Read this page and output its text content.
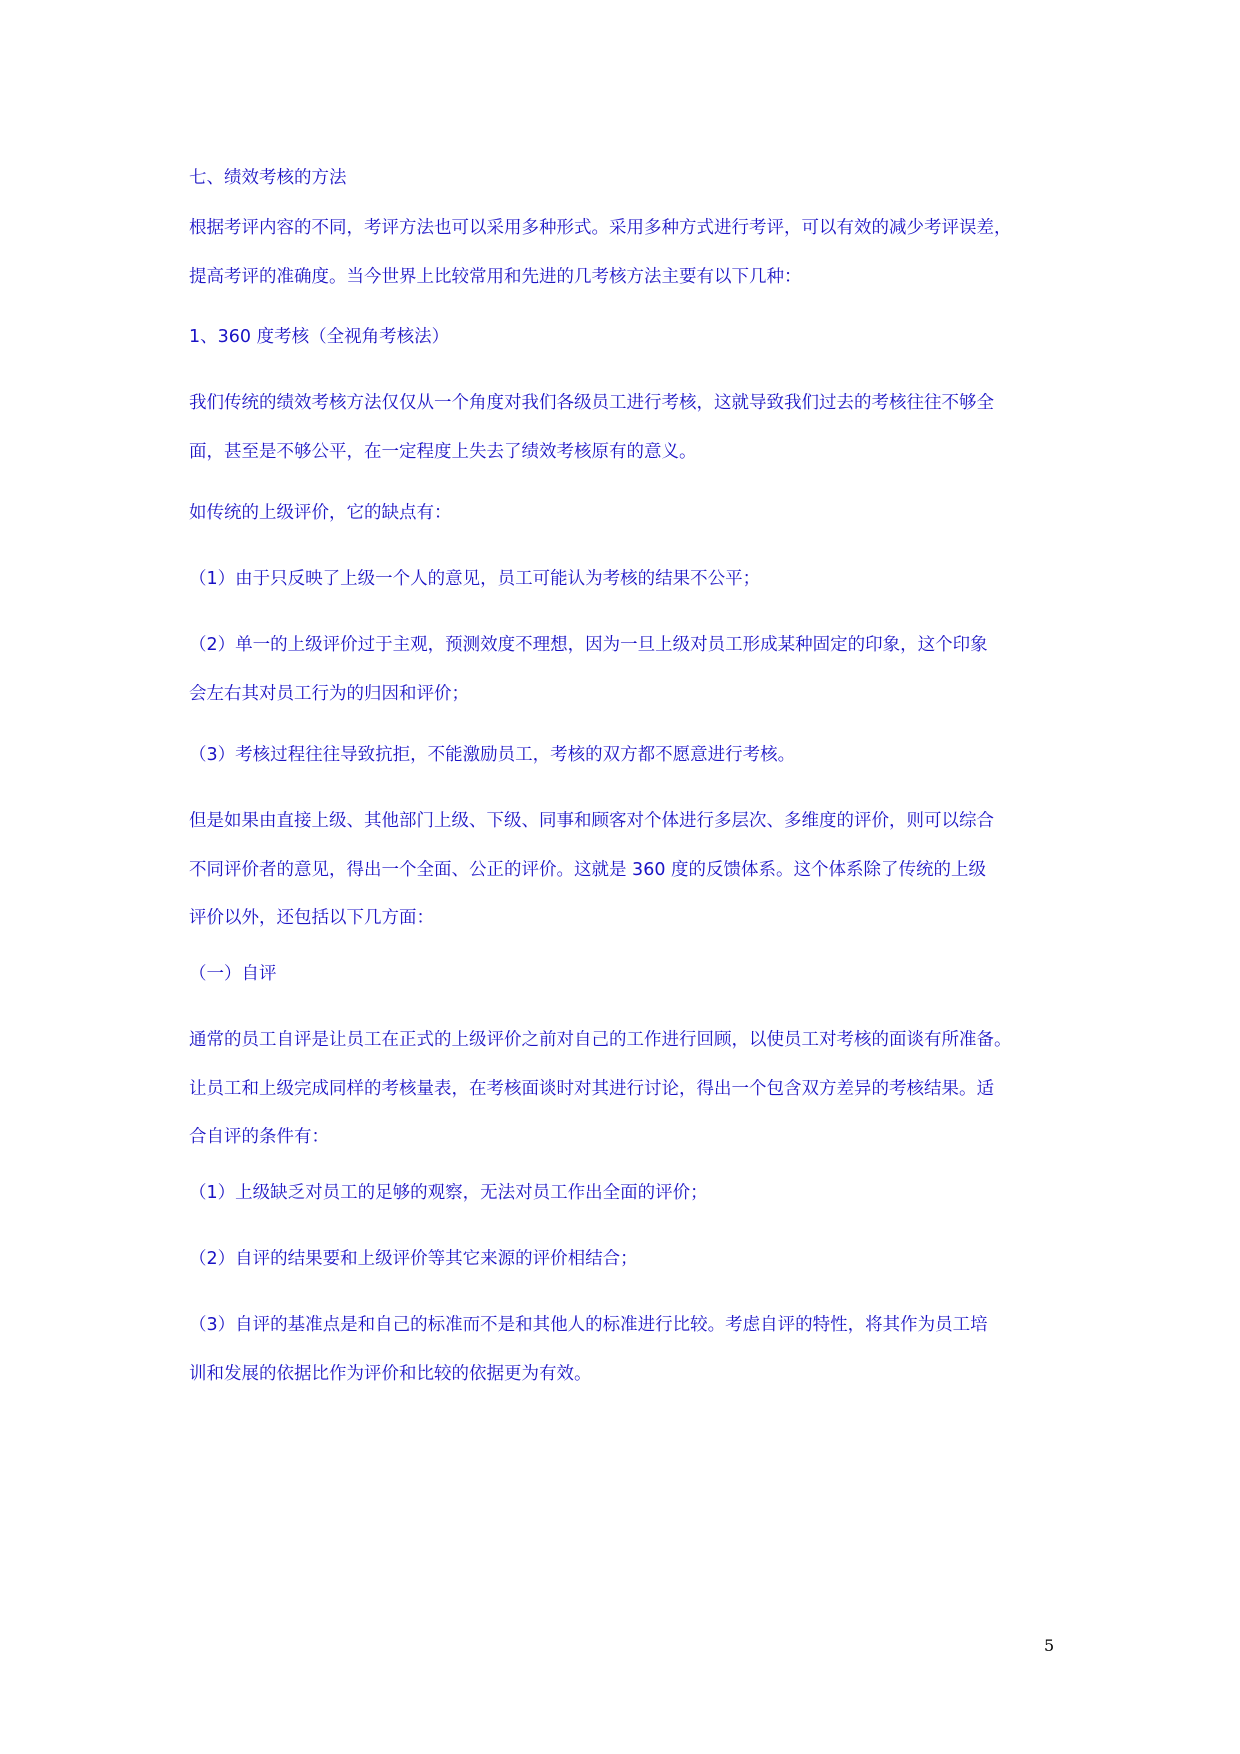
七、绩效考核的方法
根据考评内容的不同，考评方法也可以采用多种形式。采用多种方式进行考评，可以有效的减少考评误差，
提高考评的准确度。当今世界上比较常用和先进的几考核方法主要有以下几种：
1、360 度考核（全视角考核法）
我们传统的绩效考核方法仅仅从一个角度对我们各级员工进行考核，这就导致我们过去的考核往往不够全
面，甚至是不够公平，在一定程度上失去了绩效考核原有的意义。
如传统的上级评价，它的缺点有：
（1）由于只反映了上级一个人的意见，员工可能认为考核的结果不公平；
（2）单一的上级评价过于主观，预测效度不理想，因为一旦上级对员工形成某种固定的印象，这个印象
会左右其对员工行为的归因和评价；
（3）考核过程往往导致抗拒，不能激励员工，考核的双方都不愿意进行考核。
但是如果由直接上级、其他部门上级、下级、同事和顾客对个体进行多层次、多维度的评价，则可以综合
不同评价者的意见，得出一个全面、公正的评价。这就是 360 度的反馈体系。这个体系除了传统的上级
评价以外，还包括以下几方面：
（一）自评
通常的员工自评是让员工在正式的上级评价之前对自己的工作进行回顾，以使员工对考核的面谈有所准备。
让员工和上级完成同样的考核量表，在考核面谈时对其进行讨论，得出一个包含双方差异的考核结果。适
合自评的条件有：
（1）上级缺乏对员工的足够的观察，无法对员工作出全面的评价；
（2）自评的结果要和上级评价等其它来源的评价相结合；
（3）自评的基准点是和自己的标准而不是和其他人的标准进行比较。考虑自评的特性，将其作为员工培
训和发展的依据比作为评价和比较的依据更为有效。
5
